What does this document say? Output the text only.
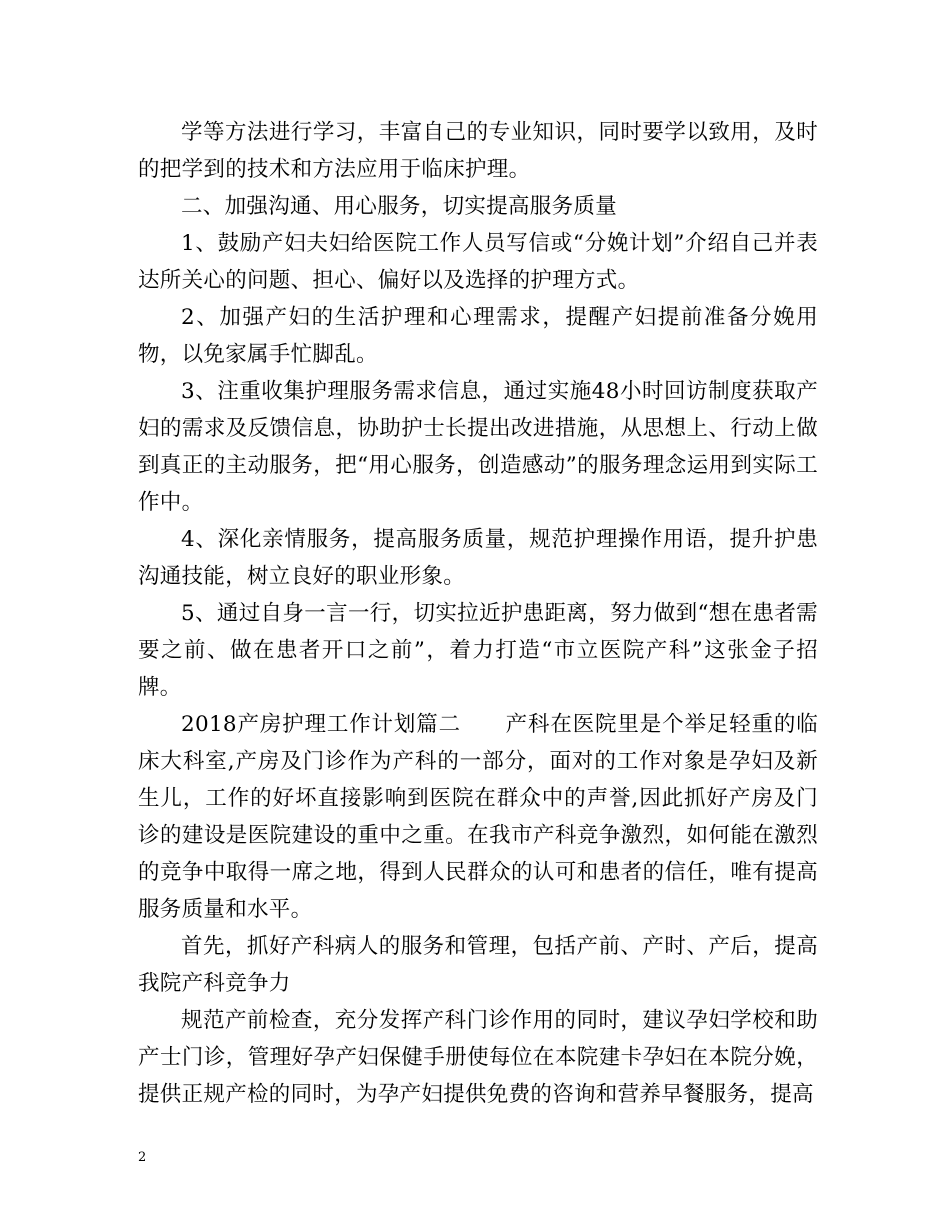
学等方法进行学习，丰富自己的专业知识，同时要学以致用，及时的把学到的技术和方法应用于临床护理。

二、加强沟通、用心服务，切实提高服务质量

1、鼓励产妇夫妇给医院工作人员写信或“分娩计划”介绍自己并表达所关心的问题、担心、偏好以及选择的护理方式。

2、加强产妇的生活护理和心理需求，提醒产妇提前准备分娩用物，以免家属手忙脚乱。

3、注重收集护理服务需求信息，通过实施48小时回访制度获取产妇的需求及反馈信息，协助护士长提出改进措施，从思想上、行动上做到真正的主动服务，把“用心服务，创造感动”的服务理念运用到实际工作中。

4、深化亲情服务，提高服务质量，规范护理操作用语，提升护患沟通技能，树立良好的职业形象。

5、通过自身一言一行，切实拉近护患距离，努力做到“想在患者需要之前、做在患者开口之前”，着力打造“市立医院产科”这张金子招牌。

2018产房护理工作计划篇二　　产科在医院里是个举足轻重的临床大科室,产房及门诊作为产科的一部分，面对的工作对象是孕妇及新生儿，工作的好坏直接影响到医院在群众中的声誉,因此抓好产房及门诊的建设是医院建设的重中之重。在我市产科竞争激烈，如何能在激烈的竞争中取得一席之地，得到人民群众的认可和患者的信任，唯有提高服务质量和水平。

首先，抓好产科病人的服务和管理，包括产前、产时、产后，提高我院产科竞争力

规范产前检查，充分发挥产科门诊作用的同时，建议孕妇学校和助产士门诊，管理好孕产妇保健手册使每位在本院建卡孕妇在本院分娩，提供正规产检的同时，为孕产妇提供免费的咨询和营养早餐服务，提高

2
